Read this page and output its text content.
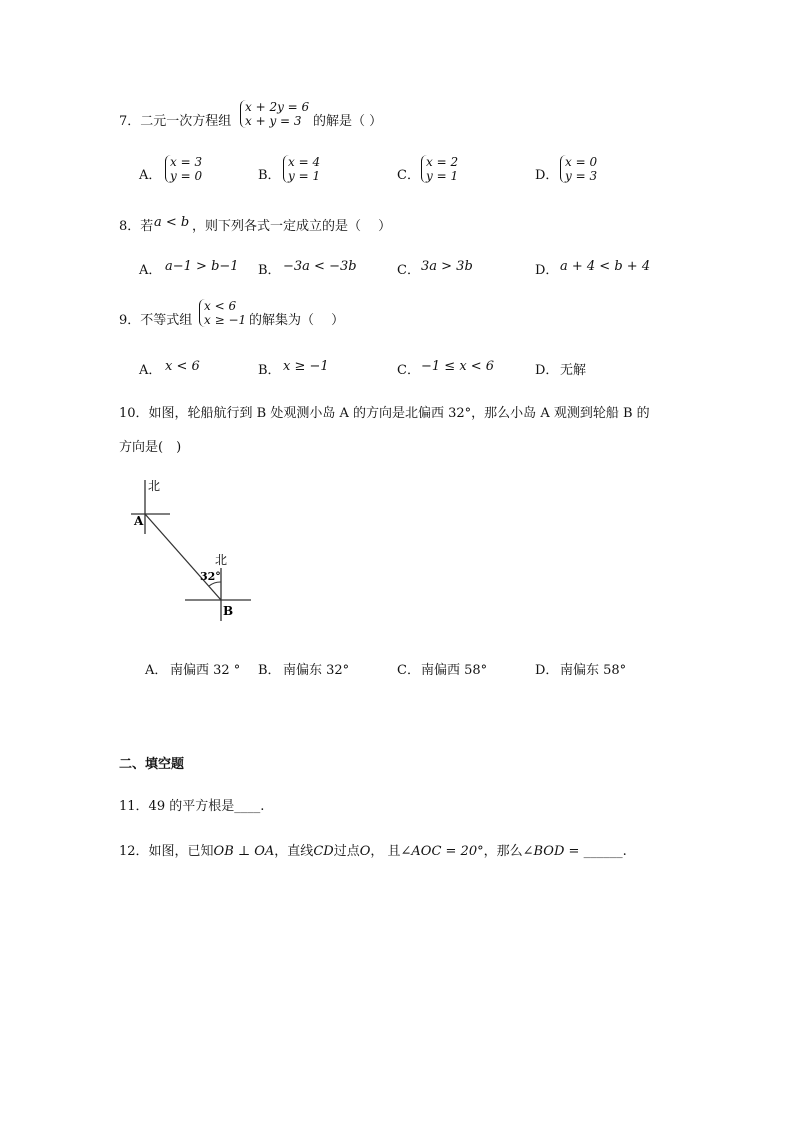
7．二元一次方程组
x + 2y = 6
x + y = 3 的解是（ ）
A．
x = 3
y = 0	B．
x = 4
y = 1	C．
x = 2
y = 1	D．
x = 0
y = 3
8．若 a < b ，则下列各式一定成立的是（　 ）
A． a−1 > b−1 B． −3a < −3b	C． 3a > 3b	D． a + 4 < b + 4
9．不等式组
x < 6
x ≥ −1 的解集为（　 ）
A． x < 6	B． x ≥ −1	C． −1 ≤ x < 6	D． 无解
10．如图，轮船航行到 B 处观测小岛 A 的方向是北偏西 32°，那么小岛 A 观测到轮船 B 的
方向是(　)
北
A
北
32°
B
A． 南偏西 32 ° B． 南偏东 32°	C． 南偏西 58°	D． 南偏东 58°
二、填空题
11．49 的平方根是____.
12．如图，已知OB ⊥ OA，直线CD过点O， 且∠AOC = 20°，那么∠BOD = ______.
